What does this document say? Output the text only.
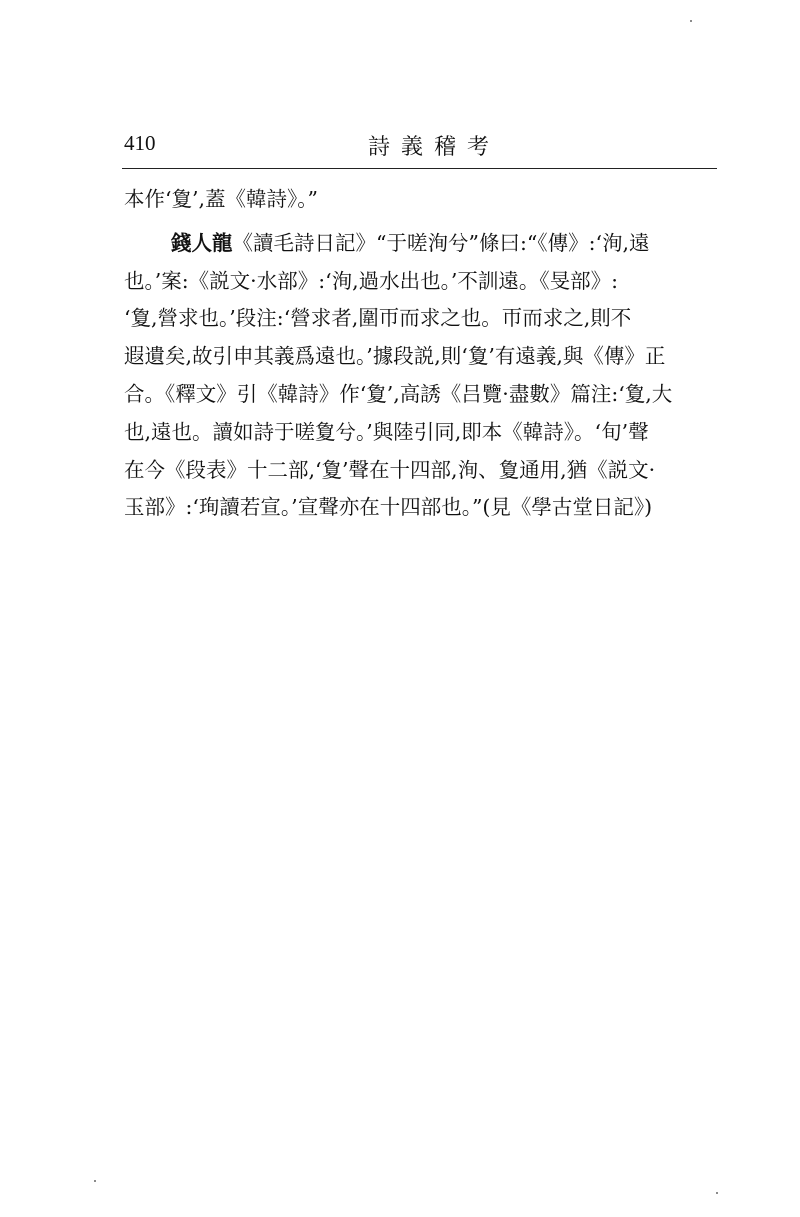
410	詩義稽考
本作‘夐’,蓋《韓詩》。”
錢人龍《讀毛詩日記》“于嗟洵兮”條曰:“《傳》:‘洵,遠
也。’案:《説文·水部》:‘洵,過水出也。’不訓遠。《旻部》:
‘夐,營求也。’段注:‘營求者,圍帀而求之也。帀而求之,則不
遐遺矣,故引申其義爲遠也。’據段説,則‘夐’有遠義,與《傳》正
合。《釋文》引《韓詩》作‘夐’,高誘《吕覽·盡數》篇注:‘夐,大
也,遠也。讀如詩于嗟夐兮。’與陸引同,即本《韓詩》。‘旬’聲
在今《段表》十二部,‘夐’聲在十四部,洵、夐通用,猶《説文·
玉部》:‘珣讀若宣。’宣聲亦在十四部也。”(見《學古堂日記》)
